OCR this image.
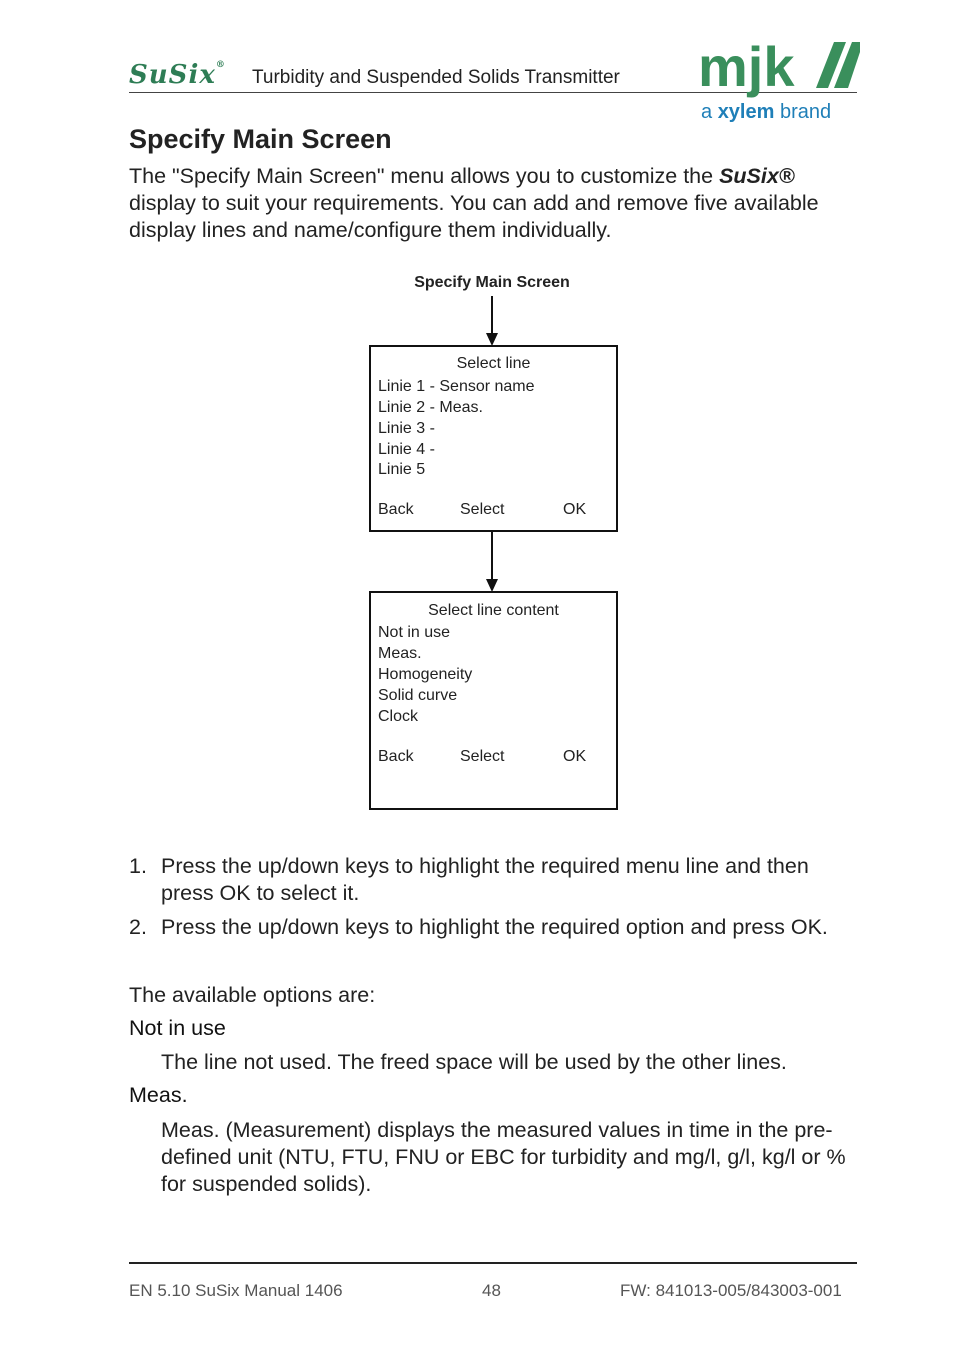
SuSix®
Turbidity and Suspended Solids Transmitter mjk
a xylem brand
Specify Main Screen
The "Specify Main Screen" menu allows you to customize the SuSix® display to suit your requirements. You can add and remove five available display lines and name/configure them individually.
Specify Main Screen
Select line
Linie 1 - Sensor name
Linie 2 - Meas.
Linie 3 -
Linie 4 -
Linie 5
Back	Select	OK
Select line content
Not in use
Meas.
Homogeneity
Solid curve
Clock
Back	Select	OK
1. Press the up/down keys to highlight the required menu line and then press OK to select it.
2. Press the up/down keys to highlight the required option and press OK.
The available options are:
Not in use
The line not used. The freed space will be used by the other lines.
Meas.
Meas. (Measurement) displays the measured values in time in the pre-defined unit (NTU, FTU, FNU or EBC for turbidity and mg/l, g/l, kg/l or % for suspended solids).
EN 5.10 SuSix Manual 1406	48	FW: 841013-005/843003-001
